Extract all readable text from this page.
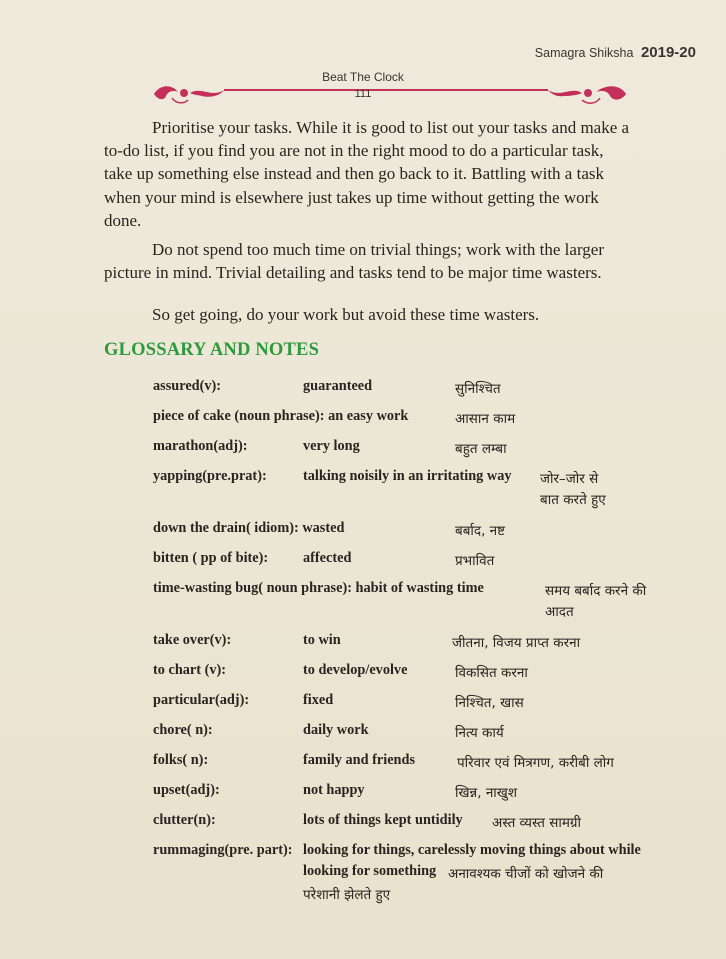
Samagra Shiksha 2019-20
Beat The Clock
111
Prioritise your tasks. While it is good to list out your tasks and make a
to-do list, if you find you are not in the right mood to do a particular task,
take up something else instead and then go back to it. Battling with a task
when your mind is elsewhere just takes up time without getting the work
done.
Do not spend too much time on trivial things; work with the larger
picture in mind. Trivial detailing and tasks tend to be major time wasters.
So get going, do your work but avoid these time wasters.
GLOSSARY AND NOTES
assured(v):	guaranteed	सुनिश्चित
piece of cake (noun phrase): an easy work	आसान काम
marathon(adj):	very long	बहुत लम्बा
yapping(pre.prat):	talking noisily in an irritating way जोर–जोर से
बात करते हुए
down the drain( idiom): wasted	बर्बाद, नष्ट
bitten ( pp of bite): affected	प्रभावित
time-wasting bug( noun phrase): habit of wasting time	समय बर्बाद करने की
आदत
take over(v):	to win	जीतना, विजय प्राप्त करना
to chart (v):	to develop/evolve	विकसित करना
particular(adj):	fixed	निश्चित, खास
chore( n):	daily work	नित्य कार्य
folks( n):	family and friends	परिवार एवं मित्रगण, करीबी लोग
upset(adj):	not happy	खिन्न, नाखुश
clutter(n):	lots of things kept untidily अस्त व्यस्त सामग्री
rummaging(pre. part): looking for things, carelessly moving things about while
looking for something अनावश्यक चीजों को खोजने की
परेशानी झेलते हुए
